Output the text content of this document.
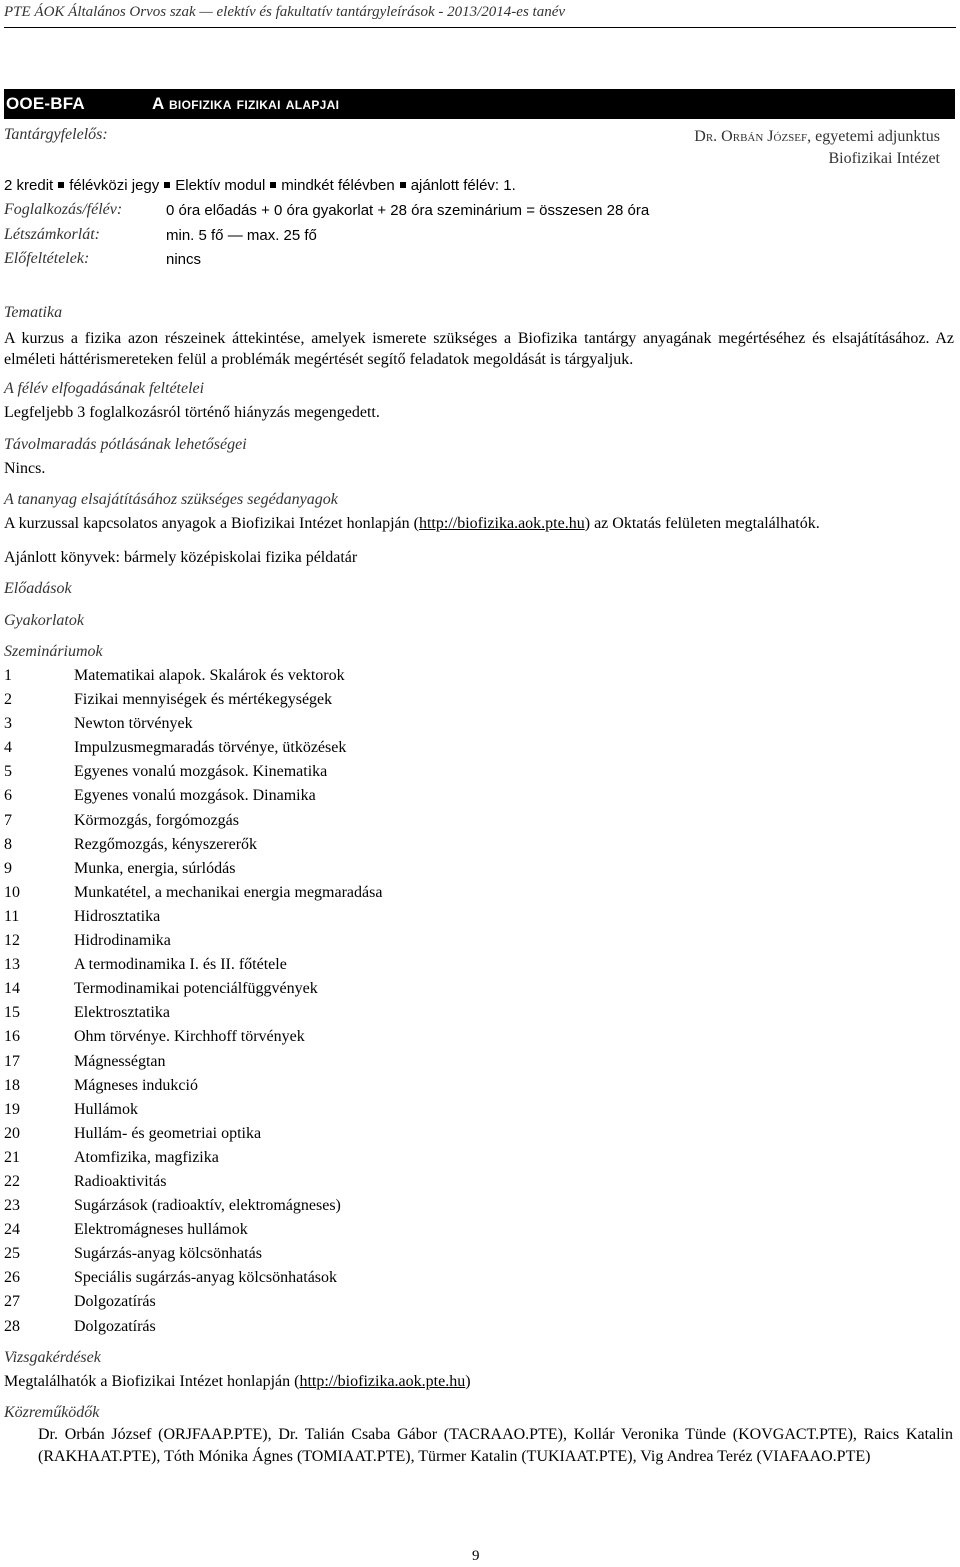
PTE ÁOK Általános Orvos szak — elektív és fakultatív tantárgyleírások - 2013/2014-es tanév
OOE-BFA	A biofizika fizikai alapjai
Tantárgyfelelős:	Dr. Orbán József, egyetemi adjunktus
Biofizikai Intézet
2 kredit félévközi jegy Elektív modul mindkét félévben ajánlott félév: 1.
Foglalkozás/félév:	0 óra előadás + 0 óra gyakorlat + 28 óra szeminárium = összesen 28 óra
Létszámkorlát:	min. 5 fő — max. 25 fő
Előfeltételek:	nincs
Tematika
A kurzus a fizika azon részeinek áttekintése, amelyek ismerete szükséges a Biofizika tantárgy anyagának megértéséhez és elsajátításához. Az elméleti háttérismereteken felül a problémák megértését segítő feladatok megoldását is tárgyaljuk.
A félév elfogadásának feltételei
Legfeljebb 3 foglalkozásról történő hiányzás megengedett.
Távolmaradás pótlásának lehetőségei
Nincs.
A tananyag elsajátításához szükséges segédanyagok
A kurzussal kapcsolatos anyagok a Biofizikai Intézet honlapján (http://biofizika.aok.pte.hu) az Oktatás felületen megtalálhatók.
Ajánlott könyvek: bármely középiskolai fizika példatár
Előadások
Gyakorlatok
Szemináriumok
1	Matematikai alapok. Skalárok és vektorok
2	Fizikai mennyiségek és mértékegységek
3	Newton törvények
4	Impulzusmegmaradás törvénye, ütközések
5	Egyenes vonalú mozgások. Kinematika
6	Egyenes vonalú mozgások. Dinamika
7	Körmozgás, forgómozgás
8	Rezgőmozgás, kényszererők
9	Munka, energia, súrlódás
10	Munkatétel, a mechanikai energia megmaradása
11	Hidrosztatika
12	Hidrodinamika
13	A termodinamika I. és II. főtétele
14	Termodinamikai potenciálfüggvények
15	Elektrosztatika
16	Ohm törvénye. Kirchhoff törvények
17	Mágnességtan
18	Mágneses indukció
19	Hullámok
20	Hullám- és geometriai optika
21	Atomfizika, magfizika
22	Radioaktivitás
23	Sugárzások (radioaktív, elektromágneses)
24	Elektromágneses hullámok
25	Sugárzás-anyag kölcsönhatás
26	Speciális sugárzás-anyag kölcsönhatások
27	Dolgozatírás
28	Dolgozatírás
Vizsgakérdések
Megtalálhatók a Biofizikai Intézet honlapján (http://biofizika.aok.pte.hu)
Közreműködők
Dr. Orbán József (ORJFAAP.PTE), Dr. Talián Csaba Gábor (TACRAAO.PTE), Kollár Veronika Tünde (KOVGACT.PTE), Raics Katalin (RAKHAAT.PTE), Tóth Mónika Ágnes (TOMIAAT.PTE), Türmer Katalin (TUKIAAT.PTE), Vig Andrea Teréz (VIAFAAO.PTE)
9
